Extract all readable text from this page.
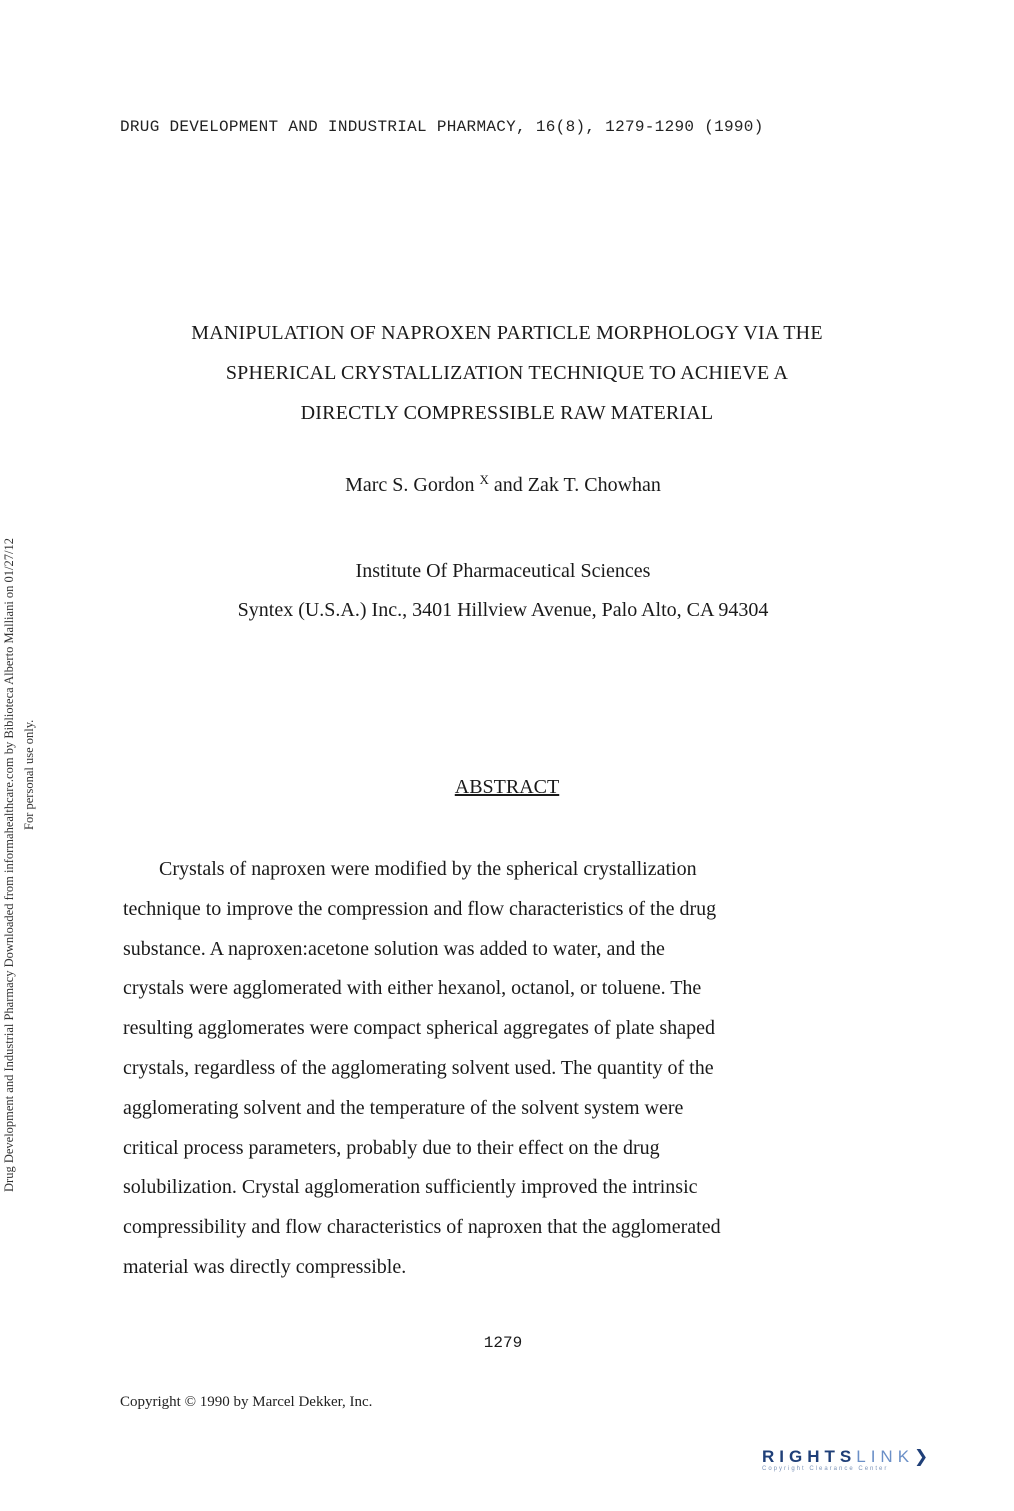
DRUG DEVELOPMENT AND INDUSTRIAL PHARMACY, 16(8), 1279-1290 (1990)
Drug Development and Industrial Pharmacy Downloaded from informahealthcare.com by Biblioteca Alberto Malliani on 01/27/12 For personal use only.
MANIPULATION OF NAPROXEN PARTICLE MORPHOLOGY VIA THE
SPHERICAL CRYSTALLIZATION TECHNIQUE TO ACHIEVE A
DIRECTLY COMPRESSIBLE RAW MATERIAL
Marc S. Gordon $^X$ and Zak T. Chowhan
Institute Of Pharmaceutical Sciences
Syntex (U.S.A.) Inc., 3401 Hillview Avenue, Palo Alto, CA 94304
ABSTRACT
Crystals of naproxen were modified by the spherical crystallization
technique to improve the compression and flow characteristics of the drug
substance. A naproxen:acetone solution was added to water, and the
crystals were agglomerated with either hexanol, octanol, or toluene. The
resulting agglomerates were compact spherical aggregates of plate shaped
crystals, regardless of the agglomerating solvent used. The quantity of the
agglomerating solvent and the temperature of the solvent system were
critical process parameters, probably due to their effect on the drug
solubilization. Crystal agglomeration sufficiently improved the intrinsic
compressibility and flow characteristics of naproxen that the agglomerated
material was directly compressible.
1279
Copyright © 1990 by Marcel Dekker, Inc.
RIGHTSLINK❯
Copyright Clearance Center
